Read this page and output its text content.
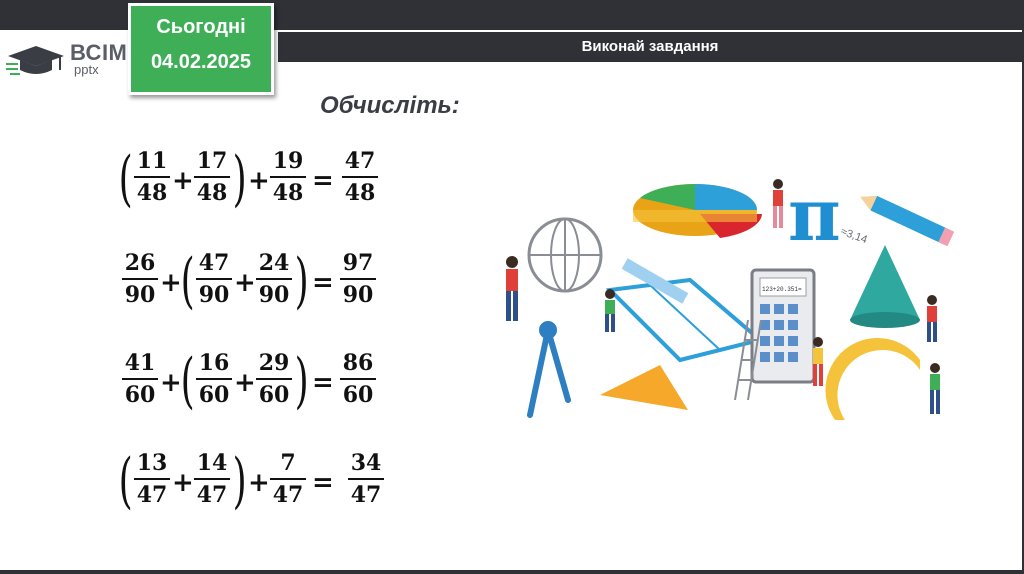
Виконай завдання
ВСІМ
pptx
Сьогодні
04.02.2025
Обчисліть:
( 11
48 +
17
48 ) +
19
48 =
47
48
26
90 +
( 47
90 +
24
90 ) =
97
90
41
60 +
( 16
60 +
29
60 ) =
86
60
( 13
47 +
14
47 ) +
7
47 =
34
47
π
≈3,14
123+20.351=
